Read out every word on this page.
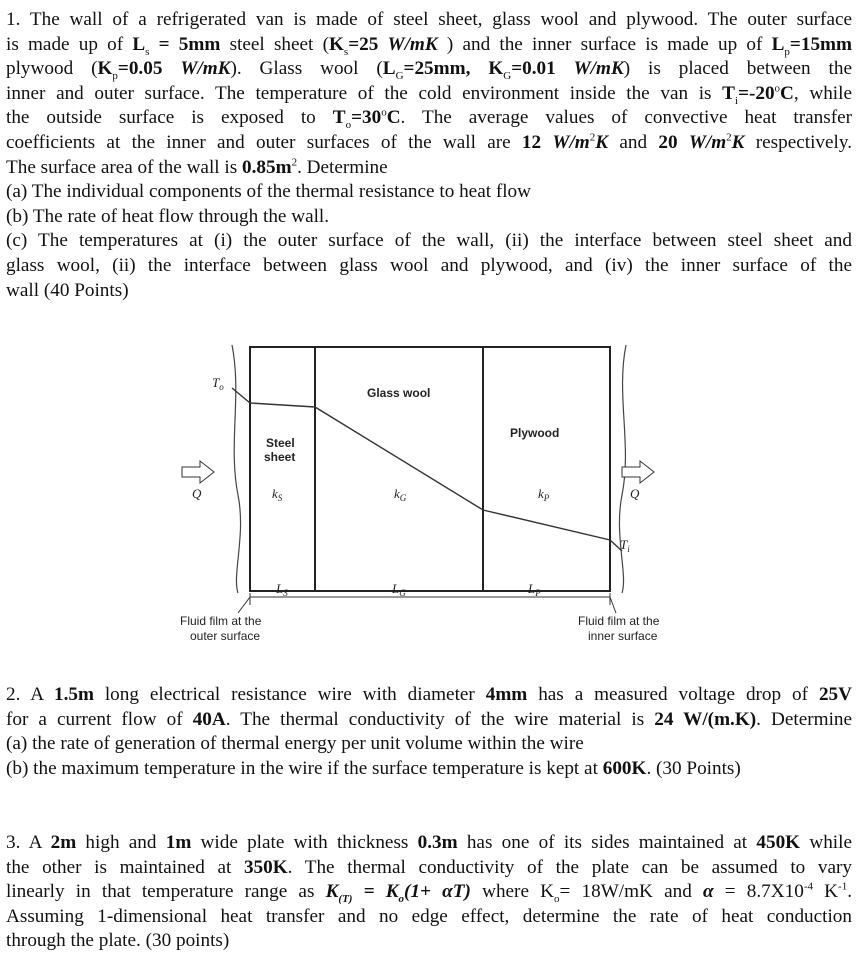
1. The wall of a refrigerated van is made of steel sheet, glass wool and plywood. The outer surface
is made up of $L_s = 5mm$ steel sheet ($K_s=25$ W/mK ) and the inner surface is made up of $L_p=15mm$
plywood ($K_p=0.05$ W/mK). Glass wool ($L_G=25mm$, $K_G=0.01$ W/mK) is placed between the
inner and outer surface. The temperature of the cold environment inside the van is $T_i=-20^oC$, while
the outside surface is exposed to $T_o=30^oC$. The average values of convective heat transfer
coefficients at the inner and outer surfaces of the wall are 12 $W/m^2K$ and 20 $W/m^2K$ respectively.
The surface area of the wall is $0.85m^2$. Determine
(a) The individual components of the thermal resistance to heat flow
(b) The rate of heat flow through the wall.
(c) The temperatures at (i) the outer surface of the wall, (ii) the interface between steel sheet and
glass wool, (ii) the interface between glass wool and plywood, and (iv) the inner surface of the
wall (40 Points)
Glass wool
Plywood
Steel
sheet
$k_S$	$k_G$	$k_P$
$T_o$
$T_i$
Q	Q
$L_S$	$L_G$	$L_P$
Fluid film at the
outer surface
Fluid film at the
inner surface
2. A 1.5m long electrical resistance wire with diameter 4mm has a measured voltage drop of 25V
for a current flow of 40A. The thermal conductivity of the wire material is 24 W/(m.K). Determine
(a) the rate of generation of thermal energy per unit volume within the wire
(b) the maximum temperature in the wire if the surface temperature is kept at 600K. (30 Points)
3. A 2m high and 1m wide plate with thickness 0.3m has one of its sides maintained at 450K while
the other is maintained at 350K. The thermal conductivity of the plate can be assumed to vary
linearly in that temperature range as $K_{(T)} = K_o(1+ \alpha T)$ where $K_o= 18W/mK$ and $\alpha = 8.7X10^{-4}$ $K^{-1}$.
Assuming 1-dimensional heat transfer and no edge effect, determine the rate of heat conduction
through the plate. (30 points)
